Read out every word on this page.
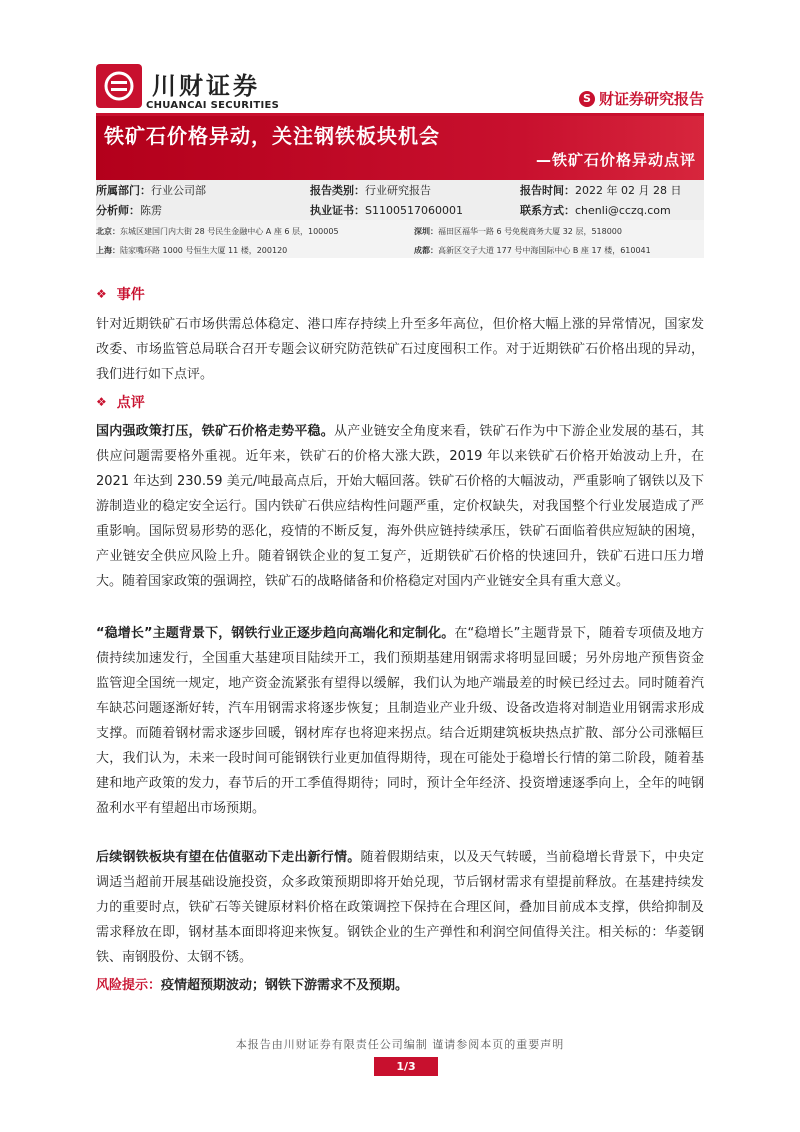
川财证券
CHUANCAI SECURITIES
S 财证券研究报告
铁矿石价格异动，关注钢铁板块机会
—铁矿石价格异动点评
所属部门：行业公司部	报告类别：行业研究报告	报告时间：2022 年 02 月 28 日
分析师：陈雳	执业证书：S1100517060001	联系方式：chenli@cczq.com
北京：东城区建国门内大街 28 号民生金融中心 A 座 6 层，100005	深圳：福田区福华一路 6 号免税商务大厦 32 层，518000
上海：陆家嘴环路 1000 号恒生大厦 11 楼，200120	成都：高新区交子大道 177 号中海国际中心 B 座 17 楼，610041
❖ 事件
针对近期铁矿石市场供需总体稳定、港口库存持续上升至多年高位，但价格大幅上涨的异常情况，国家发改委、市场监管总局联合召开专题会议研究防范铁矿石过度囤积工作。对于近期铁矿石价格出现的异动，我们进行如下点评。
❖ 点评
国内强政策打压，铁矿石价格走势平稳。从产业链安全角度来看，铁矿石作为中下游企业发展的基石，其供应问题需要格外重视。近年来，铁矿石的价格大涨大跌，2019 年以来铁矿石价格开始波动上升，在 2021 年达到 230.59 美元/吨最高点后，开始大幅回落。铁矿石价格的大幅波动，严重影响了钢铁以及下游制造业的稳定安全运行。国内铁矿石供应结构性问题严重，定价权缺失，对我国整个行业发展造成了严重影响。国际贸易形势的恶化，疫情的不断反复，海外供应链持续承压，铁矿石面临着供应短缺的困境，产业链安全供应风险上升。随着钢铁企业的复工复产，近期铁矿石价格的快速回升，铁矿石进口压力增大。随着国家政策的强调控，铁矿石的战略储备和价格稳定对国内产业链安全具有重大意义。
“稳增长”主题背景下，钢铁行业正逐步趋向高端化和定制化。在“稳增长”主题背景下，随着专项债及地方债持续加速发行，全国重大基建项目陆续开工，我们预期基建用钢需求将明显回暖；另外房地产预售资金监管迎全国统一规定，地产资金流紧张有望得以缓解，我们认为地产端最差的时候已经过去。同时随着汽车缺芯问题逐渐好转，汽车用钢需求将逐步恢复；且制造业产业升级、设备改造将对制造业用钢需求形成支撑。而随着钢材需求逐步回暖，钢材库存也将迎来拐点。结合近期建筑板块热点扩散、部分公司涨幅巨大，我们认为，未来一段时间可能钢铁行业更加值得期待，现在可能处于稳增长行情的第二阶段，随着基建和地产政策的发力，春节后的开工季值得期待；同时，预计全年经济、投资增速逐季向上，全年的吨钢盈利水平有望超出市场预期。
后续钢铁板块有望在估值驱动下走出新行情。随着假期结束，以及天气转暖，当前稳增长背景下，中央定调适当超前开展基础设施投资，众多政策预期即将开始兑现，节后钢材需求有望提前释放。在基建持续发力的重要时点，铁矿石等关键原材料价格在政策调控下保持在合理区间，叠加目前成本支撑，供给抑制及需求释放在即，钢材基本面即将迎来恢复。钢铁企业的生产弹性和利润空间值得关注。相关标的：华菱钢铁、南钢股份、太钢不锈。
风险提示：疫情超预期波动；钢铁下游需求不及预期。
本报告由川财证券有限责任公司编制 谨请参阅本页的重要声明
1/3
